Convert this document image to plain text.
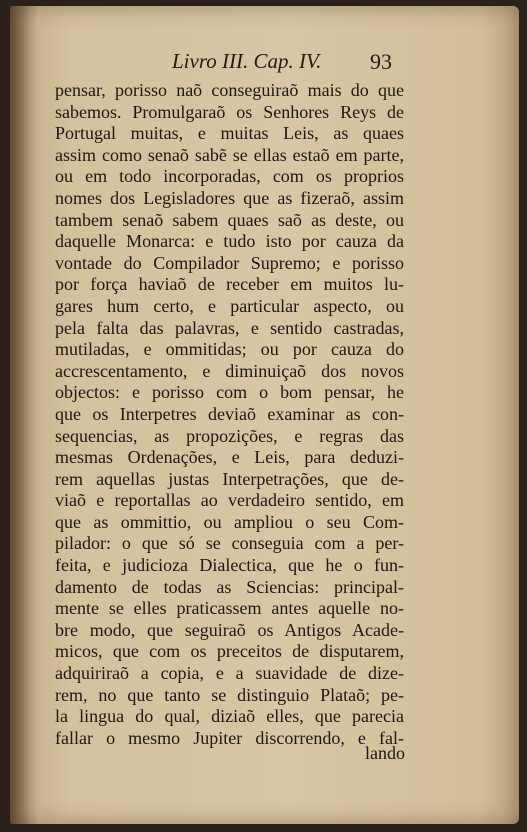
Livro III. Cap. IV. 93
pensar, porisso naõ conseguiraõ mais do que
sabemos. Promulgaraõ os Senhores Reys de
Portugal muitas, e muitas Leis, as quaes
assim como senaõ sabẽ se ellas estaõ em parte,
ou em todo incorporadas, com os proprios
nomes dos Legisladores que as fizeraõ, assim
tambem senaõ sabem quaes saõ as deste, ou
daquelle Monarca: e tudo isto por cauza da
vontade do Compilador Supremo; e porisso
por força haviaõ de receber em muitos lu-
gares hum certo, e particular aspecto, ou
pela falta das palavras, e sentido castradas,
mutiladas, e ommitidas; ou por cauza do
accrescentamento, e diminuiçaõ dos novos
objectos: e porisso com o bom pensar, he
que os Interpetres deviaõ examinar as con-
sequencias, as propozições, e regras das
mesmas Ordenações, e Leis, para deduzi-
rem aquellas justas Interpetrações, que de-
viaõ e reportallas ao verdadeiro sentido, em
que as ommittio, ou ampliou o seu Com-
pilador: o que só se conseguia com a per-
feita, e judicioza Dialectica, que he o fun-
damento de todas as Sciencias: principal-
mente se elles praticassem antes aquelle no-
bre modo, que seguiraõ os Antigos Acade-
micos, que com os preceitos de disputarem,
adquiriraõ a copia, e a suavidade de dize-
rem, no que tanto se distinguio Plataõ; pe-
la lingua do qual, diziaõ elles, que parecia
fallar o mesmo Jupiter discorrendo, e fal-
lando
